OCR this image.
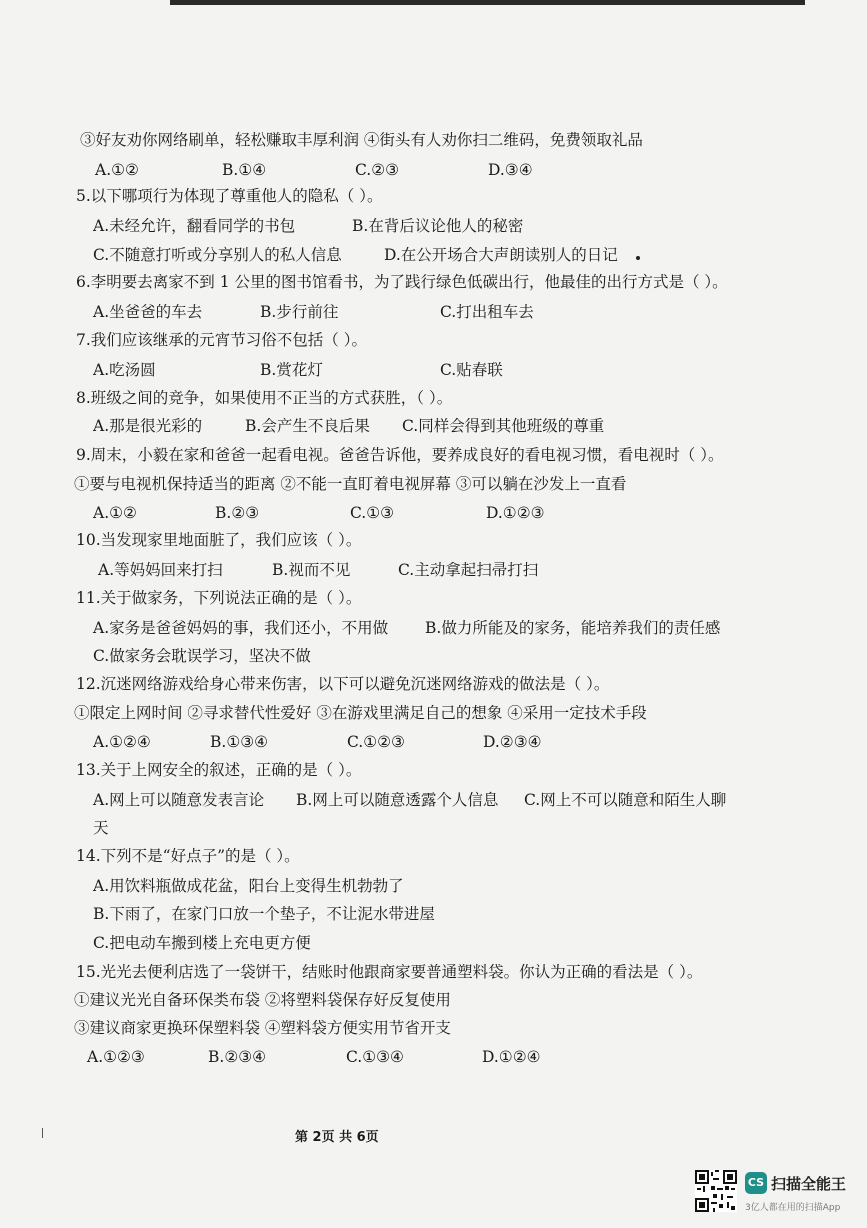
③好友劝你网络刷单，轻松赚取丰厚利润 ④街头有人劝你扫二维码，免费领取礼品
A.①②	B.①④	C.②③	D.③④
5.以下哪项行为体现了尊重他人的隐私（ ）。
A.未经允许，翻看同学的书包	B.在背后议论他人的秘密
C.不随意打听或分享别人的私人信息	D.在公开场合大声朗读别人的日记
6.李明要去离家不到 1 公里的图书馆看书，为了践行绿色低碳出行，他最佳的出行方式是（ ）。
A.坐爸爸的车去	B.步行前往	C.打出租车去
7.我们应该继承的元宵节习俗不包括（ ）。
A.吃汤圆	B.赏花灯	C.贴春联
8.班级之间的竞争，如果使用不正当的方式获胜，（ ）。
A.那是很光彩的	B.会产生不良后果 C.同样会得到其他班级的尊重
9.周末，小毅在家和爸爸一起看电视。爸爸告诉他，要养成良好的看电视习惯，看电视时（ ）。
①要与电视机保持适当的距离 ②不能一直盯着电视屏幕 ③可以躺在沙发上一直看
A.①②	B.②③	C.①③	D.①②③
10.当发现家里地面脏了，我们应该（ ）。
A.等妈妈回来打扫	B.视而不见	C.主动拿起扫帚打扫
11.关于做家务，下列说法正确的是（ ）。
A.家务是爸爸妈妈的事，我们还小，不用做 B.做力所能及的家务，能培养我们的责任感
C.做家务会耽误学习，坚决不做
12.沉迷网络游戏给身心带来伤害，以下可以避免沉迷网络游戏的做法是（ ）。
①限定上网时间 ②寻求替代性爱好 ③在游戏里满足自己的想象 ④采用一定技术手段
A.①②④	B.①③④	C.①②③	D.②③④
13.关于上网安全的叙述，正确的是（ ）。
A.网上可以随意发表言论 B.网上可以随意透露个人信息 C.网上不可以随意和陌生人聊
天
14.下列不是“好点子”的是（ ）。
A.用饮料瓶做成花盆，阳台上变得生机勃勃了
B.下雨了，在家门口放一个垫子，不让泥水带进屋
C.把电动车搬到楼上充电更方便
15.光光去便利店选了一袋饼干，结账时他跟商家要普通塑料袋。你认为正确的看法是（ ）。
①建议光光自备环保类布袋 ②将塑料袋保存好反复使用
③建议商家更换环保塑料袋 ④塑料袋方便实用节省开支
A.①②③	B.②③④	C.①③④	D.①②④
第 2页 共 6页
CS 扫描全能王
3亿人都在用的扫描App
